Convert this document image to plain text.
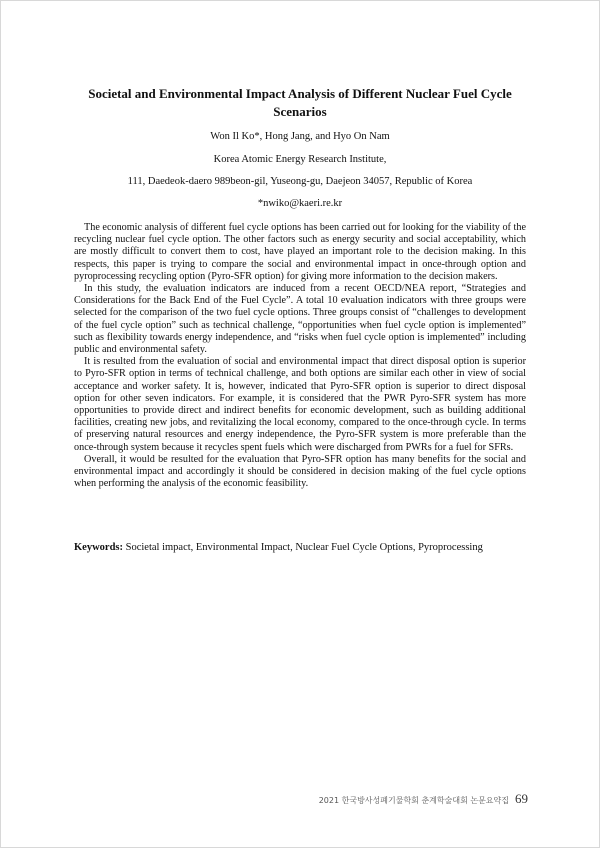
Societal and Environmental Impact Analysis of Different Nuclear Fuel Cycle Scenarios
Won Il Ko*, Hong Jang, and Hyo On Nam
Korea Atomic Energy Research Institute,
111, Daedeok-daero 989beon-gil, Yuseong-gu, Daejeon 34057, Republic of Korea
*nwiko@kaeri.re.kr

The economic analysis of different fuel cycle options has been carried out for looking for the viability of the recycling nuclear fuel cycle option. The other factors such as energy security and social acceptability, which are mostly difficult to convert them to cost, have played an important role to the decision making. In this respects, this paper is trying to compare the social and environmental impact in once-through option and pyroprocessing recycling option (Pyro-SFR option) for giving more information to the decision makers.

In this study, the evaluation indicators are induced from a recent OECD/NEA report, “Strategies and Considerations for the Back End of the Fuel Cycle”. A total 10 evaluation indicators with three groups were selected for the comparison of the two fuel cycle options. Three groups consist of “challenges to development of the fuel cycle option” such as technical challenge, “opportunities when fuel cycle option is implemented” such as flexibility towards energy independence, and “risks when fuel cycle option is implemented” including public and environmental safety.

It is resulted from the evaluation of social and environmental impact that direct disposal option is superior to Pyro-SFR option in terms of technical challenge, and both options are similar each other in view of social acceptance and worker safety. It is, however, indicated that Pyro-SFR option is superior to direct disposal option for other seven indicators. For example, it is considered that the PWR Pyro-SFR system has more opportunities to provide direct and indirect benefits for economic development, such as building additional facilities, creating new jobs, and revitalizing the local economy, compared to the once-through cycle. In terms of preserving natural resources and energy independence, the Pyro-SFR system is more preferable than the once-through system because it recycles spent fuels which were discharged from PWRs for a fuel for SFRs.

Overall, it would be resulted for the evaluation that Pyro-SFR option has many benefits for the social and environmental impact and accordingly it should be considered in decision making of the fuel cycle options when performing the analysis of the economic feasibility.

Keywords: Societal impact, Environmental Impact, Nuclear Fuel Cycle Options, Pyroprocessing
2021 한국방사성폐기물학회 춘계학술대회 논문요약집 69
